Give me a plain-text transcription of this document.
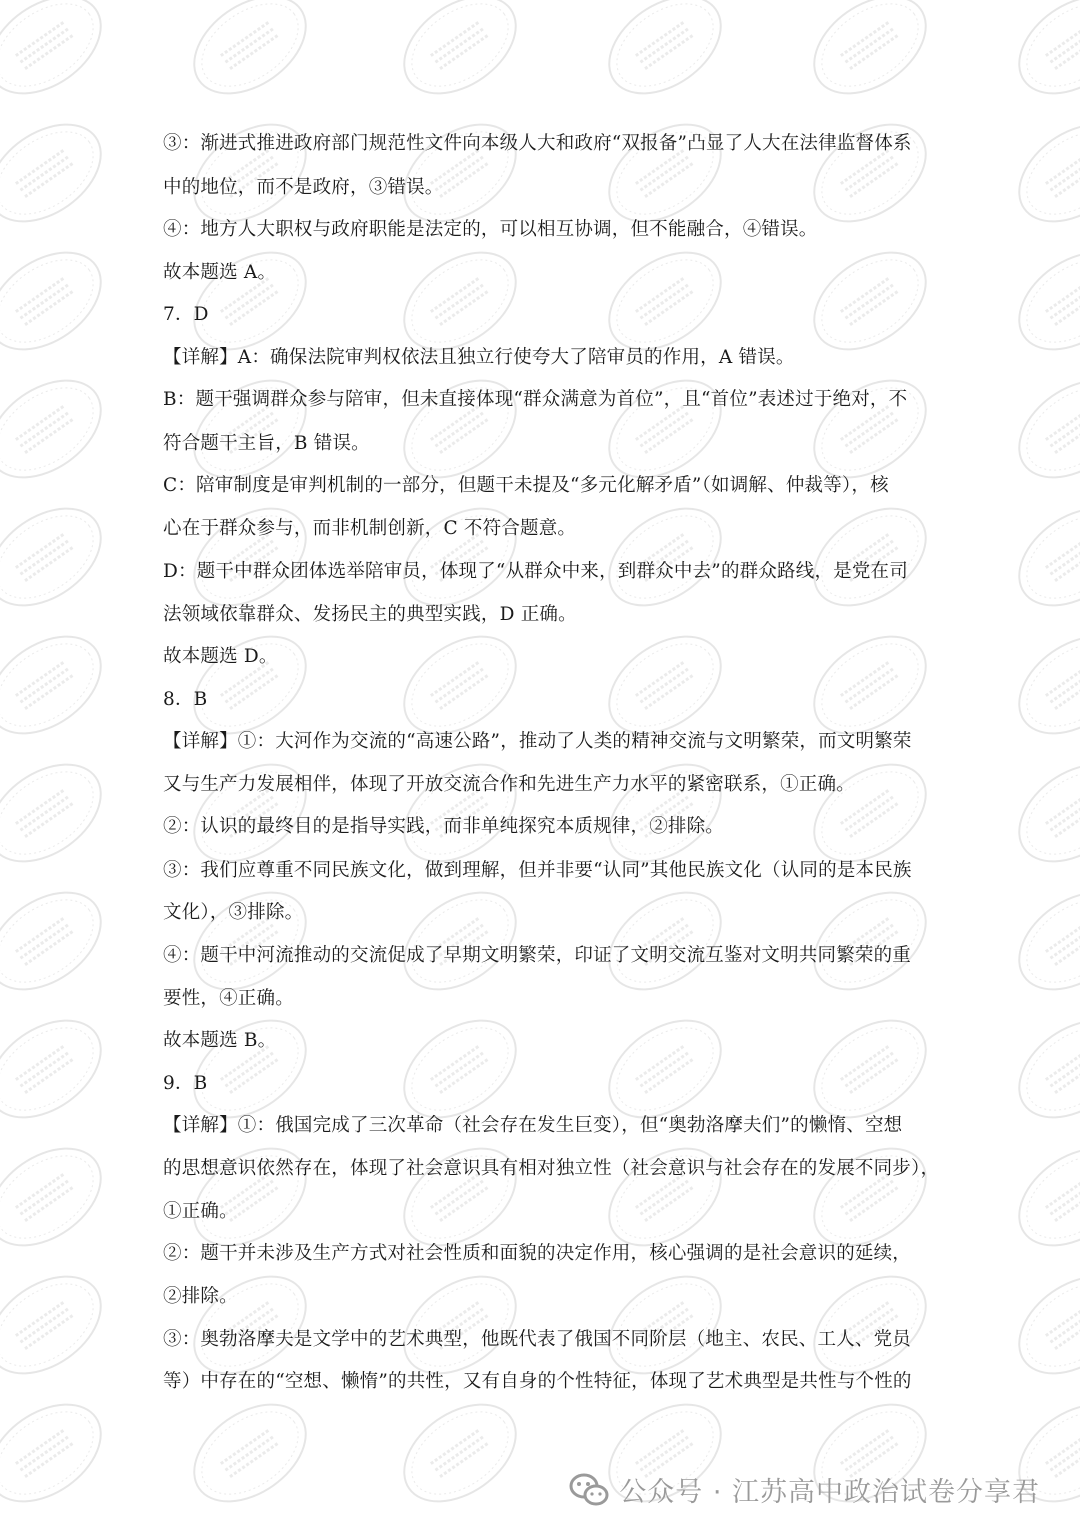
③：渐进式推进政府部门规范性文件向本级人大和政府“双报备”凸显了人大在法律监督体系
中的地位，而不是政府，③错误。
④：地方人大职权与政府职能是法定的，可以相互协调，但不能融合，④错误。
故本题选 A。
7．D
【详解】A：确保法院审判权依法且独立行使夸大了陪审员的作用，A 错误。
B：题干强调群众参与陪审，但未直接体现“群众满意为首位”，且“首位”表述过于绝对，不
符合题干主旨，B 错误。
C：陪审制度是审判机制的一部分，但题干未提及“多元化解矛盾”（如调解、仲裁等），核
心在于群众参与，而非机制创新，C 不符合题意。
D：题干中群众团体选举陪审员，体现了“从群众中来，到群众中去”的群众路线，是党在司
法领域依靠群众、发扬民主的典型实践，D 正确。
故本题选 D。
8．B
【详解】①：大河作为交流的“高速公路”，推动了人类的精神交流与文明繁荣，而文明繁荣
又与生产力发展相伴，体现了开放交流合作和先进生产力水平的紧密联系，①正确。
②：认识的最终目的是指导实践，而非单纯探究本质规律，②排除。
③：我们应尊重不同民族文化，做到理解，但并非要“认同”其他民族文化（认同的是本民族
文化），③排除。
④：题干中河流推动的交流促成了早期文明繁荣，印证了文明交流互鉴对文明共同繁荣的重
要性，④正确。
故本题选 B。
9．B
【详解】①：俄国完成了三次革命（社会存在发生巨变），但“奥勃洛摩夫们”的懒惰、空想
的思想意识依然存在，体现了社会意识具有相对独立性（社会意识与社会存在的发展不同步），
①正确。
②：题干并未涉及生产方式对社会性质和面貌的决定作用，核心强调的是社会意识的延续，
②排除。
③：奥勃洛摩夫是文学中的艺术典型，他既代表了俄国不同阶层（地主、农民、工人、党员
等）中存在的“空想、懒惰”的共性，又有自身的个性特征，体现了艺术典型是共性与个性的
公众号 · 江苏高中政治试卷分享君
